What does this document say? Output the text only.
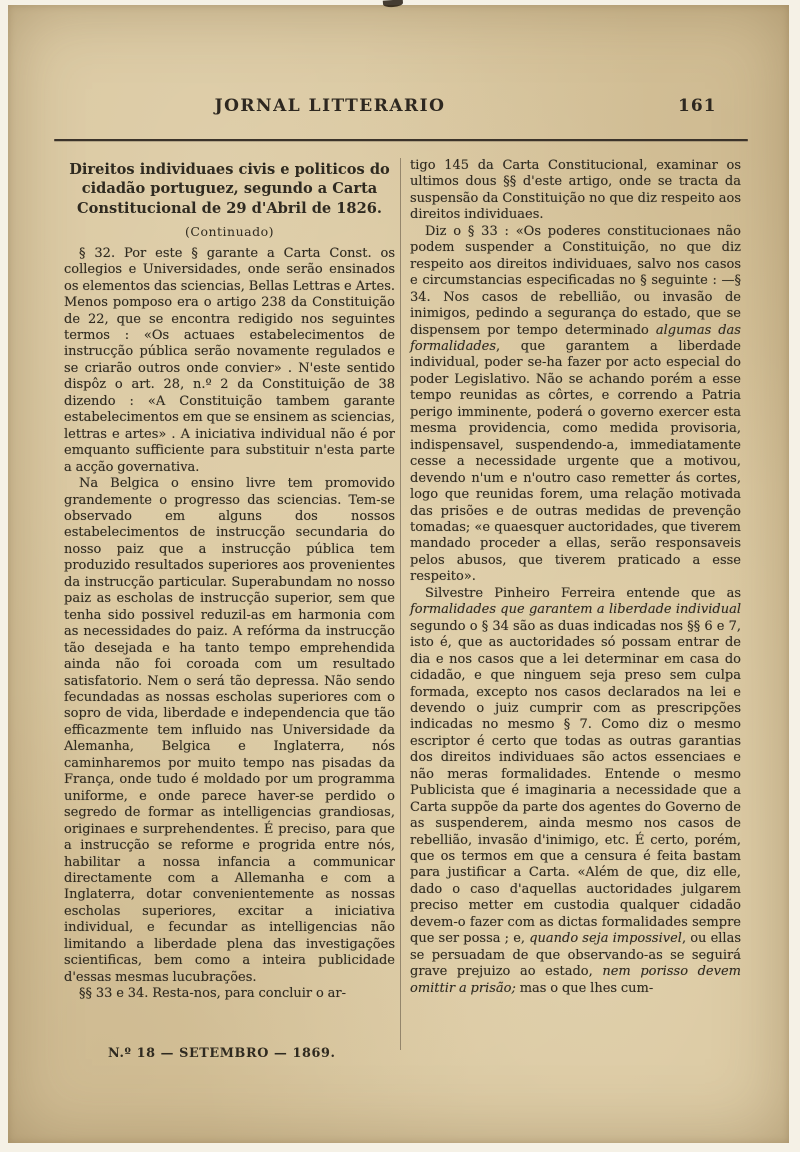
JORNAL LITTERARIO	161
Direitos individuaes civis e politicos do cidadão portuguez, segundo a Carta Constitucional de 29 d'Abril de 1826.
(Continuado)

§ 32. Por este § garante a Carta Const. os collegios e Universidades, onde serão ensinados os elementos das sciencias, Bellas Lettras e Artes. Menos pomposo era o artigo 238 da Constituição de 22, que se encontra redigido nos seguintes termos : «Os actuaes estabelecimentos de instrucção pública serão novamente regulados e se criarão outros onde convier» . N'este sentido dispôz o art. 28, n.º 2 da Constituição de 38 dizendo : «A Constituição tambem garante estabelecimentos em que se ensinem as sciencias, lettras e artes» . A iniciativa individual não é por emquanto sufficiente para substituir n'esta parte a acção governativa.

Na Belgica o ensino livre tem promovido grandemente o progresso das sciencias. Tem-se observado em alguns dos nossos estabelecimentos de instrucção secundaria do nosso paiz que a instrucção pública tem produzido resultados superiores aos provenientes da instrucção particular. Superabundam no nosso paiz as escholas de instrucção superior, sem que tenha sido possivel reduzil-as em harmonia com as necessidades do paiz. A refórma da instrucção tão desejada e ha tanto tempo emprehendida ainda não foi coroada com um resultado satisfatorio. Nem o será tão depressa. Não sendo fecundadas as nossas escholas superiores com o sopro de vida, liberdade e independencia que tão efficazmente tem influido nas Universidade da Alemanha, Belgica e Inglaterra, nós caminharemos por muito tempo nas pisadas da França, onde tudo é moldado por um programma uniforme, e onde parece haver-se perdido o segredo de formar as intelligencias grandiosas, originaes e surprehendentes. É preciso, para que a instrucção se reforme e progrida entre nós, habilitar a nossa infancia a communicar directamente com a Allemanha e com a Inglaterra, dotar convenientemente as nossas escholas superiores, excitar a iniciativa individual, e fecundar as intelligencias não limitando a liberdade plena das investigações scientificas, bem como a inteira publicidade d'essas mesmas lucubrações.

§§ 33 e 34. Resta-nos, para concluir o ar-

tigo 145 da Carta Constitucional, examinar os ultimos dous §§ d'este artigo, onde se tracta da suspensão da Constituição no que diz respeito aos direitos individuaes.

Diz o § 33 : «Os poderes constitucionaes não podem suspender a Constituição, no que diz respeito aos direitos individuaes, salvo nos casos e circumstancias especificadas no § seguinte : —§ 34. Nos casos de rebellião, ou invasão de inimigos, pedindo a segurança do estado, que se dispensem por tempo determinado algumas das formalidades, que garantem a liberdade individual, poder se-ha fazer por acto especial do poder Legislativo. Não se achando porém a esse tempo reunidas as côrtes, e correndo a Patria perigo imminente, poderá o governo exercer esta mesma providencia, como medida provisoria, indispensavel, suspendendo-a, immediatamente cesse a necessidade urgente que a motivou, devendo n'um e n'outro caso remetter ás cortes, logo que reunidas forem, uma relação motivada das prisões e de outras medidas de prevenção tomadas; «e quaesquer auctoridades, que tiverem mandado proceder a ellas, serão responsaveis pelos abusos, que tiverem praticado a esse respeito».

Silvestre Pinheiro Ferreira entende que as formalidades que garantem a liberdade individual segundo o § 34 são as duas indicadas nos §§ 6 e 7, isto é, que as auctoridades só possam entrar de dia e nos casos que a lei determinar em casa do cidadão, e que ninguem seja preso sem culpa formada, excepto nos casos declarados na lei e devendo o juiz cumprir com as prescripções indicadas no mesmo § 7. Como diz o mesmo escriptor é certo que todas as outras garantias dos direitos individuaes são actos essenciaes e não meras formalidades. Entende o mesmo Publicista que é imaginaria a necessidade que a Carta suppõe da parte dos agentes do Governo de as suspenderem, ainda mesmo nos casos de rebellião, invasão d'inimigo, etc. É certo, porém, que os termos em que a censura é feita bastam para justificar a Carta. «Além de que, diz elle, dado o caso d'aquellas auctoridades julgarem preciso metter em custodia qualquer cidadão devem-o fazer com as dictas formalidades sempre que ser possa ; e, quando seja impossivel, ou ellas se persuadam de que observando-as se seguirá grave prejuizo ao estado, nem porisso devem omittir a prisão; mas o que lhes cum-

N.º 18 — SETEMBRO — 1869.
